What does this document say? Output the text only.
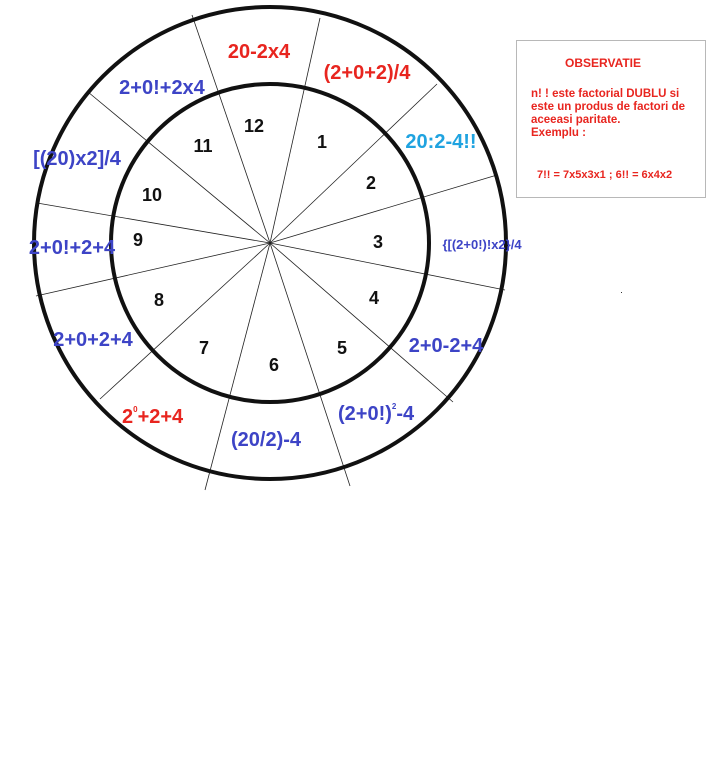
1
2
3
4
5
6
7
8
9
10
11
12
(2+0+2)/4
20:2-4!!
{[(2+0!)!x2}/4
2+0-2+4
$(2+0!)^2-4$
(20/2)-4
$2^0+2+4$
2+0+2+4
2+0!+2+4
[(20)x2]/4
2+0!+2x4
20-2x4	OBSERVATIE
n! ! este factorial DUBLU si
este un produs de factori de
aceeasi paritate.
Exemplu :
7!! = 7x5x3x1 ; 6!! = 6x4x2
